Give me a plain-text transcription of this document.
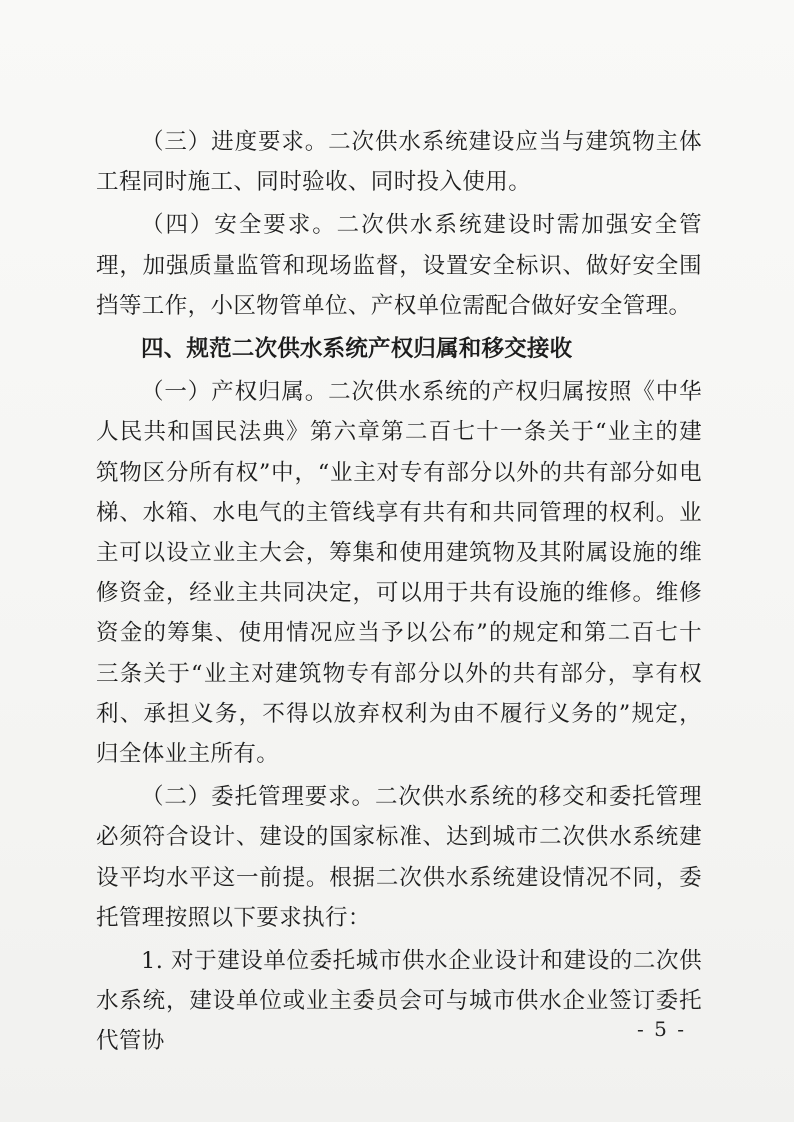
（三）进度要求。二次供水系统建设应当与建筑物主体工程同时施工、同时验收、同时投入使用。

（四）安全要求。二次供水系统建设时需加强安全管理，加强质量监管和现场监督，设置安全标识、做好安全围挡等工作，小区物管单位、产权单位需配合做好安全管理。

四、规范二次供水系统产权归属和移交接收

（一）产权归属。二次供水系统的产权归属按照《中华人民共和国民法典》第六章第二百七十一条关于“业主的建筑物区分所有权”中，“业主对专有部分以外的共有部分如电梯、水箱、水电气的主管线享有共有和共同管理的权利。业主可以设立业主大会，筹集和使用建筑物及其附属设施的维修资金，经业主共同决定，可以用于共有设施的维修。维修资金的筹集、使用情况应当予以公布”的规定和第二百七十三条关于“业主对建筑物专有部分以外的共有部分，享有权利、承担义务，不得以放弃权利为由不履行义务的”规定，归全体业主所有。

（二）委托管理要求。二次供水系统的移交和委托管理必须符合设计、建设的国家标准、达到城市二次供水系统建设平均水平这一前提。根据二次供水系统建设情况不同，委托管理按照以下要求执行：

1. 对于建设单位委托城市供水企业设计和建设的二次供水系统，建设单位或业主委员会可与城市供水企业签订委托代管协	- 5 -
